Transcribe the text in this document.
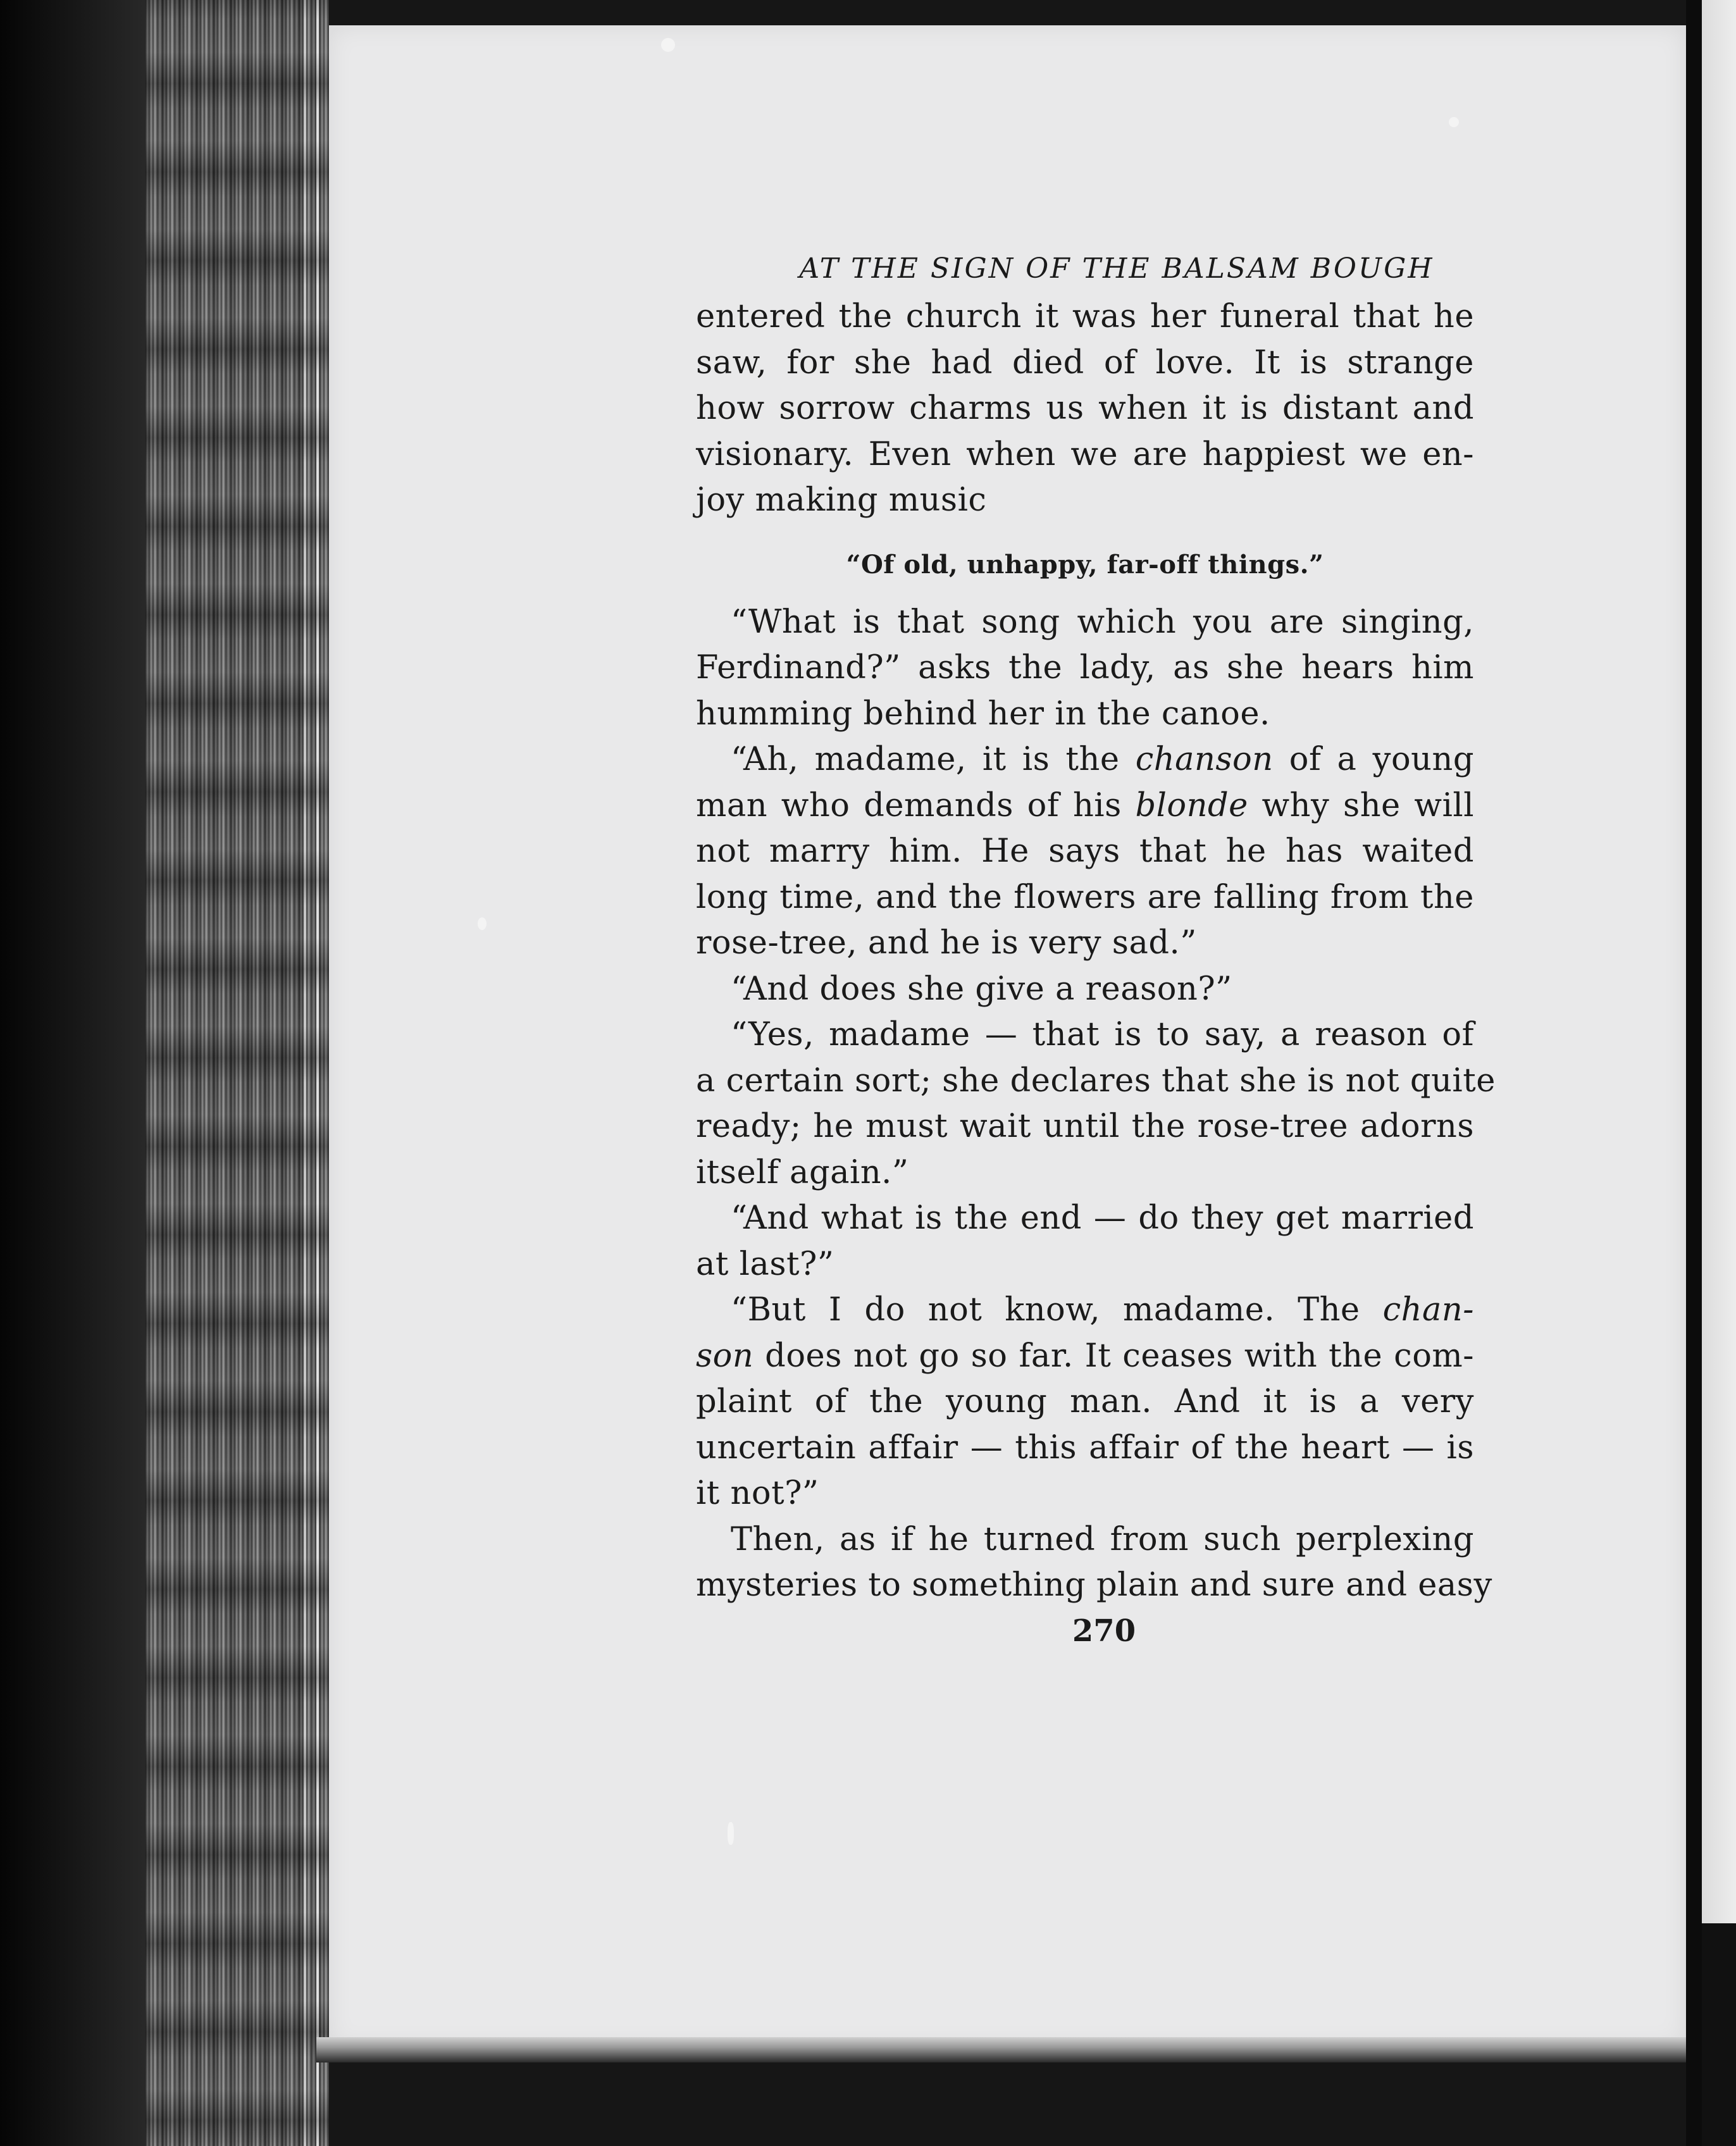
AT THE SIGN OF THE BALSAM BOUGH
entered the church it was her funeral that he
saw, for she had died of love. It is strange
how sorrow charms us when it is distant and
visionary. Even when we are happiest we en-
joy making music
“Of old, unhappy, far-off things.”
“What is that song which you are singing,
Ferdinand?” asks the lady, as she hears him
humming behind her in the canoe.
“Ah, madame, it is the chanson of a young
man who demands of his blonde why she will
not marry him. He says that he has waited
long time, and the flowers are falling from the
rose-tree, and he is very sad.”
“And does she give a reason?”
“Yes, madame — that is to say, a reason of
a certain sort; she declares that she is not quite
ready; he must wait until the rose-tree adorns
itself again.”
“And what is the end — do they get married
at last?”
“But I do not know, madame. The chan-
son does not go so far. It ceases with the com-
plaint of the young man. And it is a very
uncertain affair — this affair of the heart — is
it not?”
Then, as if he turned from such perplexing
mysteries to something plain and sure and easy
270
